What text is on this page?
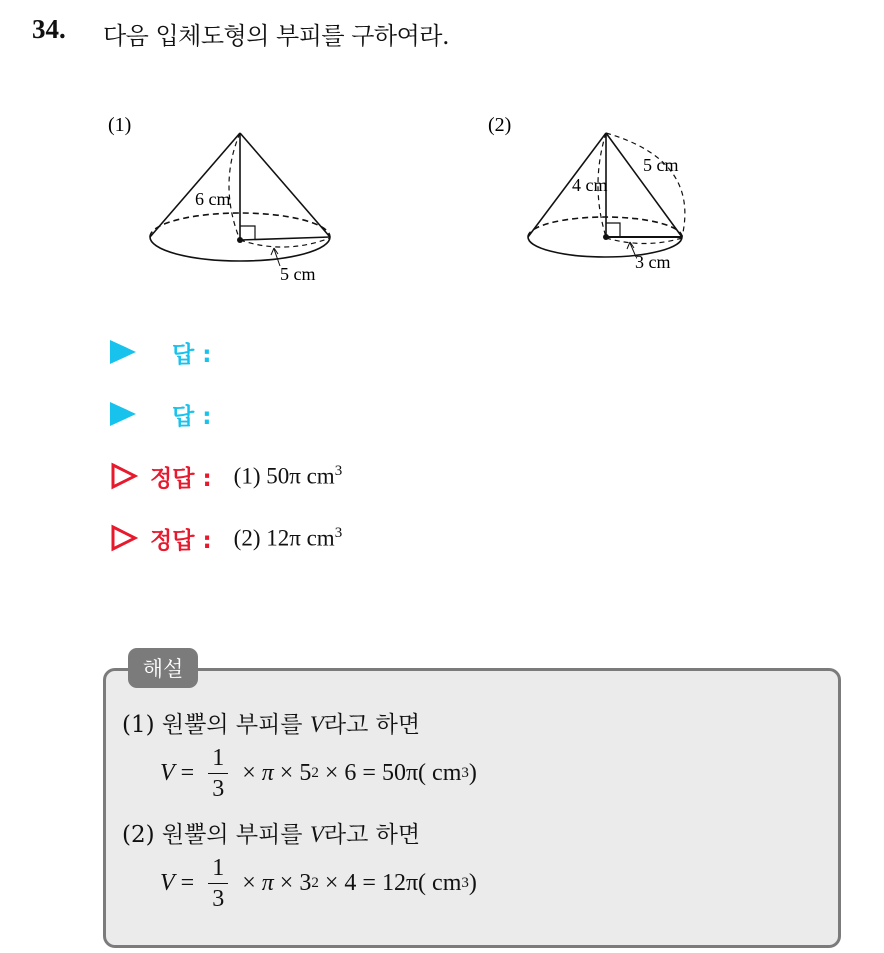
34. 다음 입체도형의 부피를 구하여라.
(1)
6 cm
5 cm
(2)
4 cm
5 cm
3 cm
답 :
답 :
정답 : (1) 50π $cm^3$
정답 : (2) 12π $cm^3$
해설
(1) 원뿔의 부피를 V라고 하면
$V = \frac{1}{3} \times \pi \times 5$ 2 × 6 = 50π( cm 3 )
(2) 원뿔의 부피를 V라고 하면
$V = \frac{1}{3} \times \pi \times 3$ 2 × 4 = 12π( cm 3 )
